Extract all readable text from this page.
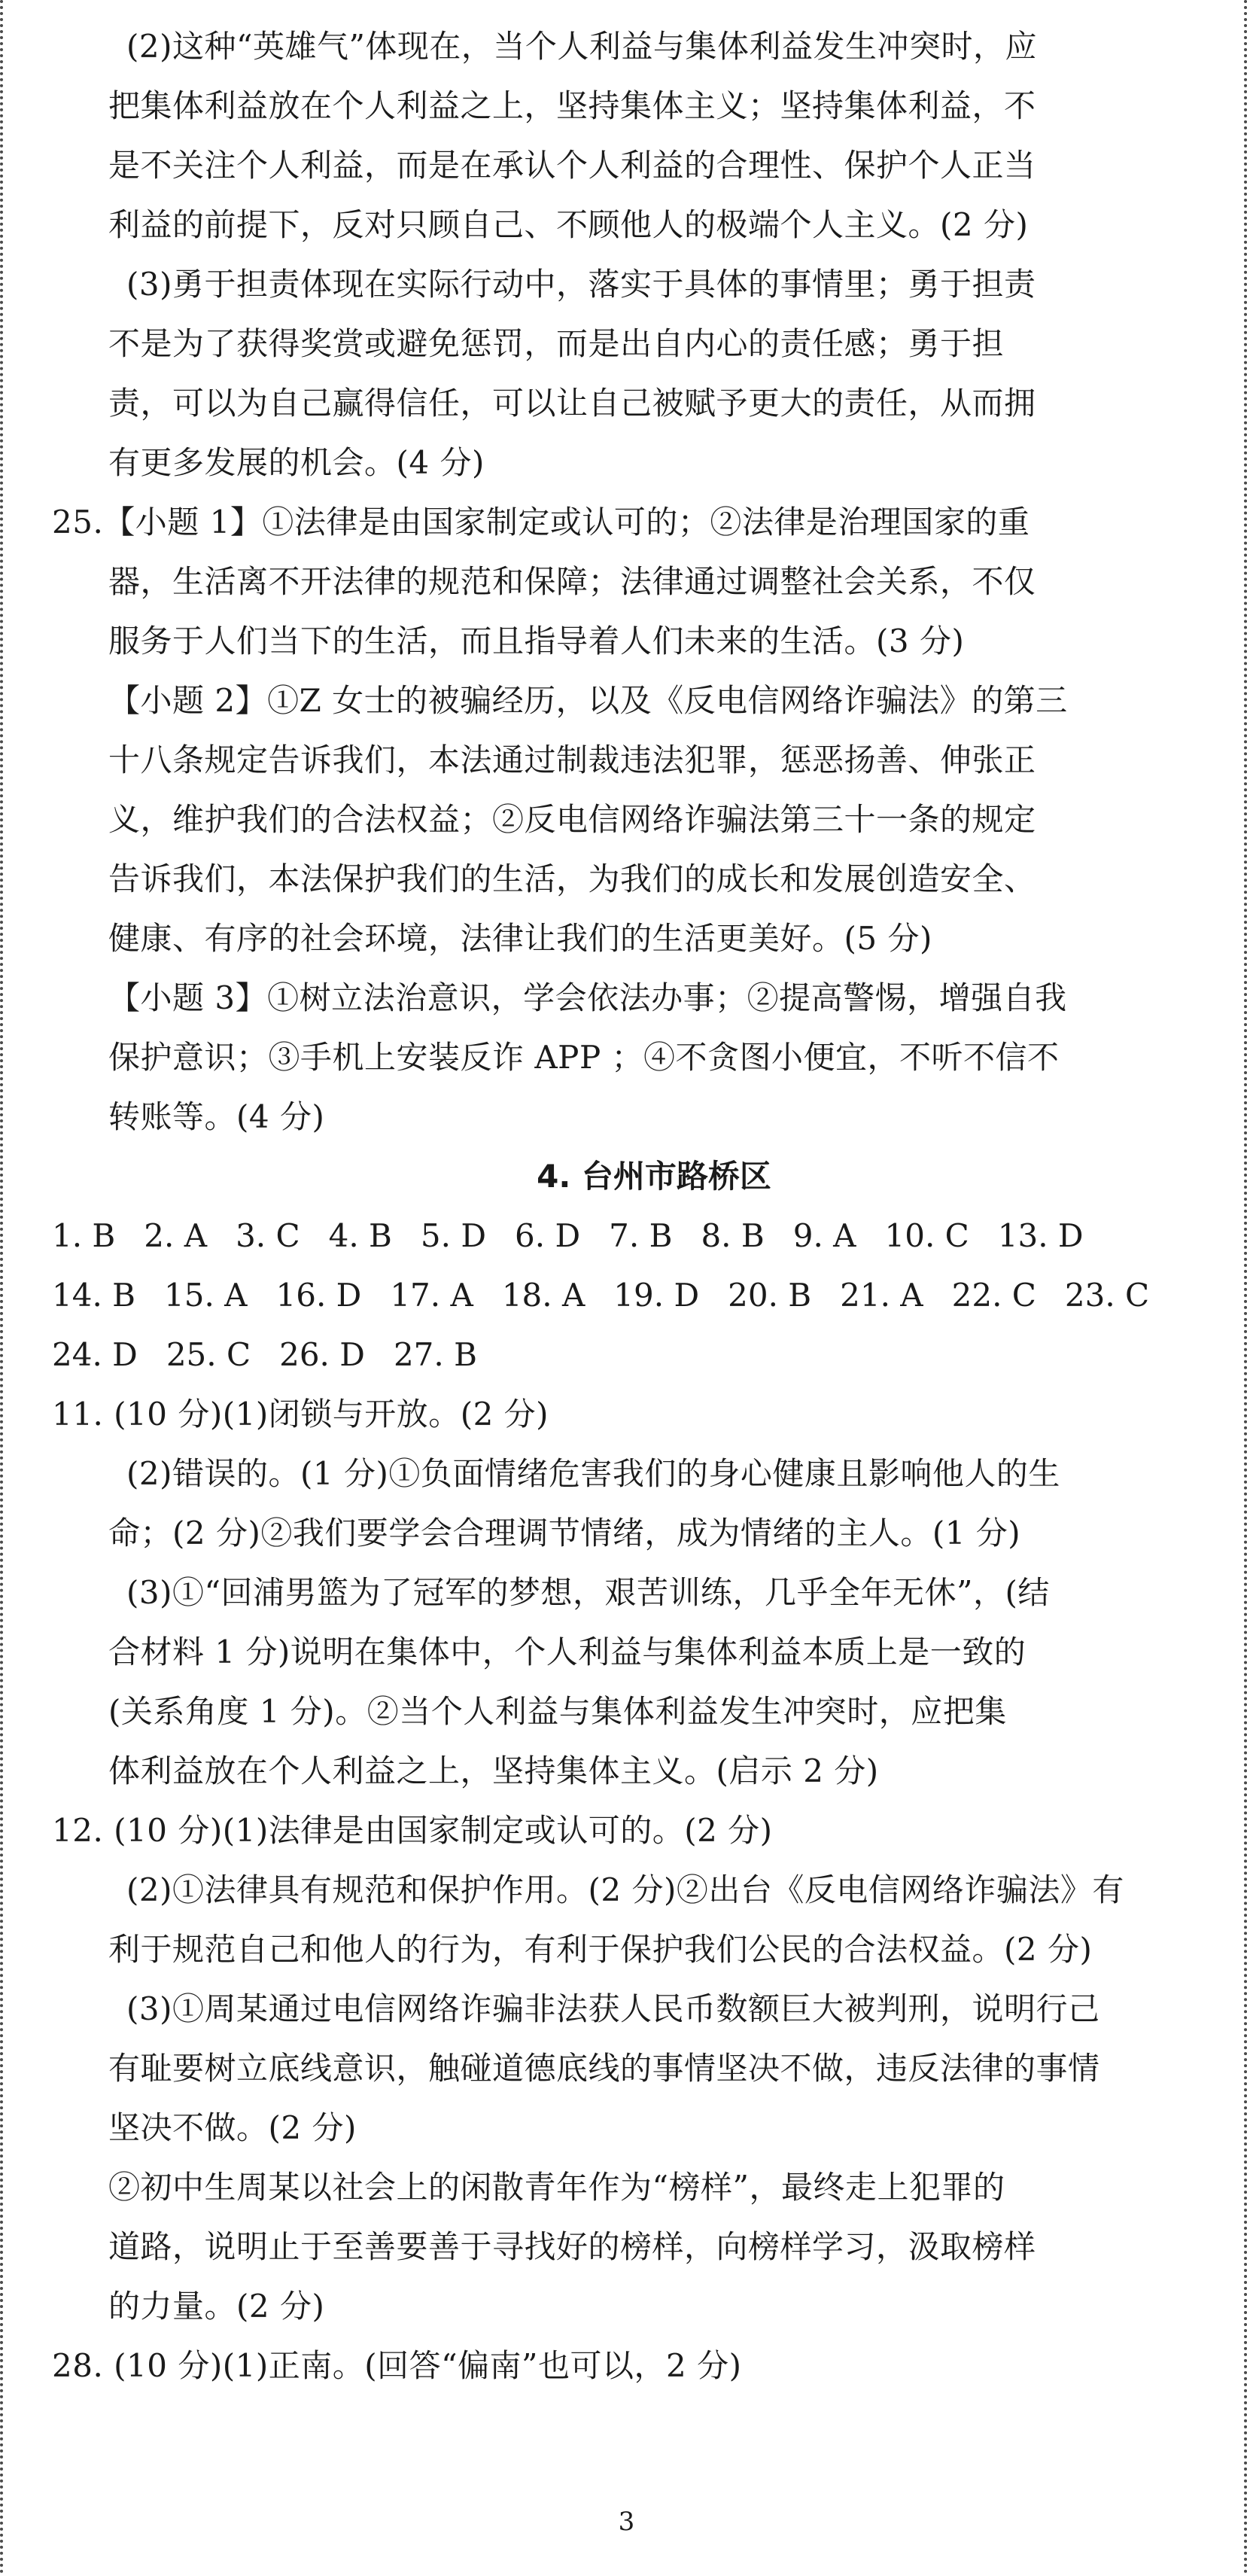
(2)这种“英雄气”体现在，当个人利益与集体利益发生冲突时，应
把集体利益放在个人利益之上，坚持集体主义；坚持集体利益，不
是不关注个人利益，而是在承认个人利益的合理性、保护个人正当
利益的前提下，反对只顾自己、不顾他人的极端个人主义。(2 分)
(3)勇于担责体现在实际行动中，落实于具体的事情里；勇于担责
不是为了获得奖赏或避免惩罚，而是出自内心的责任感；勇于担
责，可以为自己赢得信任，可以让自己被赋予更大的责任，从而拥
有更多发展的机会。(4 分)
25.【小题 1】①法律是由国家制定或认可的；②法律是治理国家的重
器，生活离不开法律的规范和保障；法律通过调整社会关系，不仅
服务于人们当下的生活，而且指导着人们未来的生活。(3 分)
【小题 2】①Z 女士的被骗经历，以及《反电信网络诈骗法》的第三
十八条规定告诉我们，本法通过制裁违法犯罪，惩恶扬善、伸张正
义，维护我们的合法权益；②反电信网络诈骗法第三十一条的规定
告诉我们，本法保护我们的生活，为我们的成长和发展创造安全、
健康、有序的社会环境，法律让我们的生活更美好。(5 分)
【小题 3】①树立法治意识，学会依法办事；②提高警惕，增强自我
保护意识；③手机上安装反诈 APP ；④不贪图小便宜，不听不信不
转账等。(4 分)
4. 台州市路桥区
1. B 2. A 3. C 4. B 5. D 6. D 7. B 8. B 9. A 10. C 13. D
14. B 15. A 16. D 17. A 18. A 19. D 20. B 21. A 22. C 23. C
24. D 25. C 26. D 27. B
11. (10 分)(1)闭锁与开放。(2 分)
(2)错误的。(1 分)①负面情绪危害我们的身心健康且影响他人的生
命；(2 分)②我们要学会合理调节情绪，成为情绪的主人。(1 分)
(3)①“回浦男篮为了冠军的梦想，艰苦训练，几乎全年无休”，(结
合材料 1 分)说明在集体中，个人利益与集体利益本质上是一致的
(关系角度 1 分)。②当个人利益与集体利益发生冲突时，应把集
体利益放在个人利益之上，坚持集体主义。(启示 2 分)
12. (10 分)(1)法律是由国家制定或认可的。(2 分)
(2)①法律具有规范和保护作用。(2 分)②出台《反电信网络诈骗法》有
利于规范自己和他人的行为，有利于保护我们公民的合法权益。(2 分)
(3)①周某通过电信网络诈骗非法获人民币数额巨大被判刑，说明行己
有耻要树立底线意识，触碰道德底线的事情坚决不做，违反法律的事情
坚决不做。(2 分)
②初中生周某以社会上的闲散青年作为“榜样”，最终走上犯罪的
道路，说明止于至善要善于寻找好的榜样，向榜样学习，汲取榜样
的力量。(2 分)
28. (10 分)(1)正南。(回答“偏南”也可以，2 分)
3
